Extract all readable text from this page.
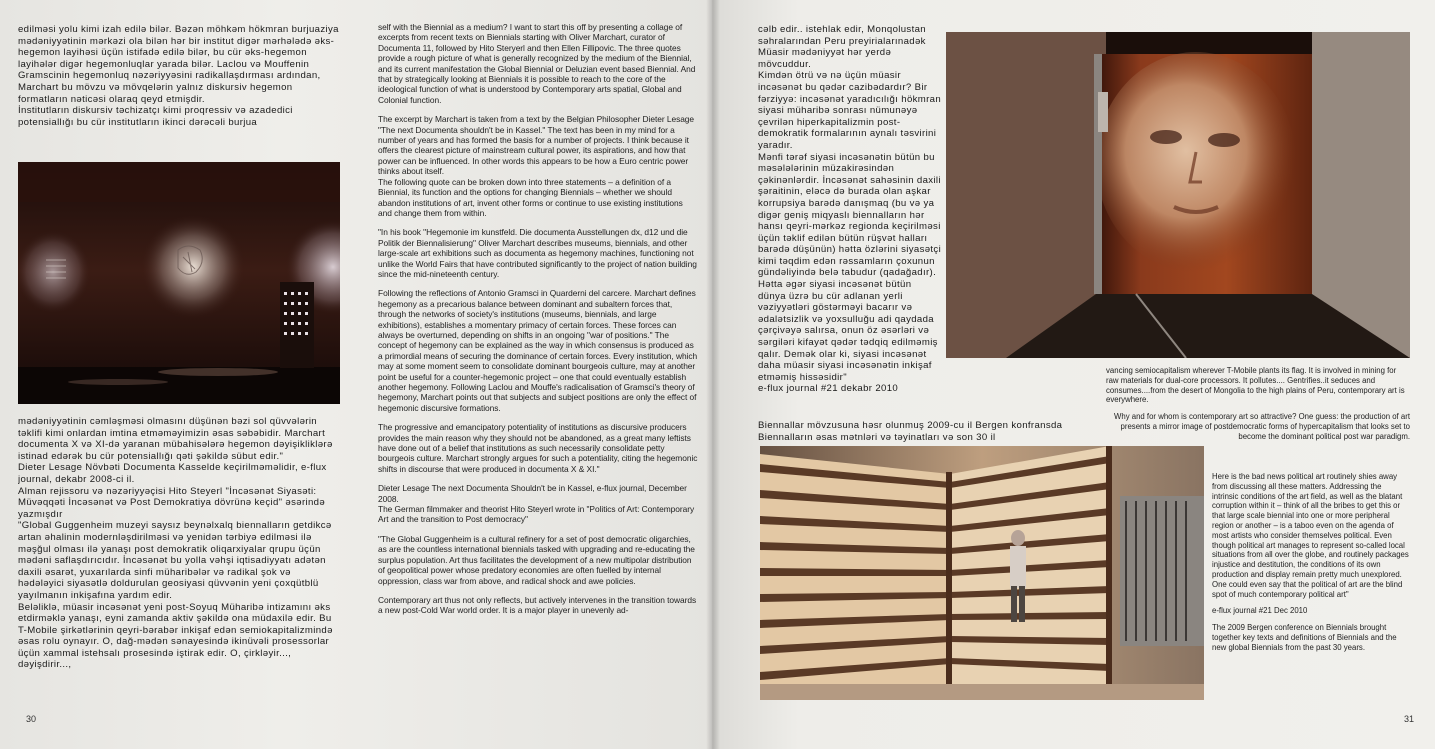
edilməsi yolu kimi izah edilə bilər. Bəzən möhkəm hökmran burjuaziya mədəniyyətinin mərkəzi ola bilən hər bir institut digər mərhələdə əks-hegemon layihəsi üçün istifadə edilə bilər, bu cür əks-hegemon layihələr digər hegemonluqlar yarada bilər. Laclou və Mouffenin Gramscinin hegemonluq nəzəriyyəsini radikallaşdırması ardından, Marchart bu mövzu və mövqelərin yalnız diskursiv hegemon formatların nəticəsi olaraq qeyd etmişdir.

İnstitutların diskursiv təchizatçı kimi proqressiv və azadedici potensiallığı bu cür institutların ikinci dərəcəli burjua

mədəniyyətinin cəmləşməsi olmasını düşünən bəzi sol qüvvələrin təklifi kimi onlardan imtina etməməyimizin əsas səbəbidir. Marchart documenta X və XI-də yaranan mübahisələrə hegemon dəyişikliklərə istinad edərək bu cür potensiallığı qəti şəkildə sübut edir."

Dieter Lesage Növbəti Documenta Kasselde keçirilməməlidir, e-flux journal, dekabr 2008-ci il.

Alman rejissoru və nəzəriyyəçisi Hito Steyerl "İncəsənət Siyasəti: Müvəqqəti İncəsənət və Post Demokratiya dövrünə keçid" əsərində yazmışdır

"Global Guggenheim muzeyi saysız beynəlxalq biennalların getdikcə artan əhalinin modernləşdirilməsi və yenidən tərbiyə edilməsi ilə məşğul olması ilə yanaşı post demokratik oliqarxiyalar qrupu üçün mədəni saflaşdırıcıdır. İncəsənət bu yolla vəhşi iqtisadiyyatı adətən daxili əsarət, yuxarılarda sinfi müharibələr və radikal şok və hədələyici siyasətlə doldurulan geosiyasi qüvvənin yeni çoxqütblü yayılmanın inkişafına yardım edir.

Beləliklə, müasir incəsənət yeni post-Soyuq Müharibə intizamını əks etdirməklə yanaşı, eyni zamanda aktiv şəkildə ona müdaxilə edir. Bu T-Mobile şirkətlərinin qeyri-bərabər inkişaf edən semiokapitalizmində əsas rolu oynayır. O, dağ-mədən sənayesində ikinüvəli prosessorlar üçün xammal istehsalı prosesində iştirak edir. O, çirkləyir..., dəyişdirir...,

self with the Biennial as a medium? I want to start this off by presenting a collage of excerpts from recent texts on Biennials starting with Oliver Marchart, curator of Documenta 11, followed by Hito Steryerl and then Ellen Fillipovic. The three quotes provide a rough picture of what is generally recognized by the medium of the Biennial, and its current manifestation the Global Biennial or Deluzian event based Biennial. And that by strategically looking at Biennials it is possible to reach to the core of the ideological function of what is understood by Contemporary arts spatial, Global and Colonial function.

The excerpt by Marchart is taken from a text by the Belgian Philosopher Dieter Lesage "The next Documenta shouldn't be in Kassel." The text has been in my mind for a number of years and has formed the basis for a number of projects. I think because it offers the clearest picture of mainstream cultural power, its aspirations, and how that power can be influenced. In other words this appears to be how a Euro centric power thinks about itself.

The following quote can be broken down into three statements – a definition of a Biennial, its function and the options for changing Biennials – whether we should abandon institutions of art, invent other forms or continue to use existing institutions and change them from within.

"In his book "Hegemonie im kunstfeld. Die documenta Ausstellungen dx, d12 und die Politik der Biennalisierung" Oliver Marchart describes museums, biennials, and other large-scale art exhibitions such as documenta as hegemony machines, functioning not unlike the World Fairs that have contributed significantly to the project of nation building since the mid-nineteenth century.

Following the reflections of Antonio Gramsci in Quarderni del carcere. Marchart defines hegemony as a precarious balance between dominant and subaltern forces that, through the networks of society's institutions (museums, biennials, and large exhibitions), establishes a momentary primacy of certain forces. These forces can always be overturned, depending on shifts in an ongoing "war of positions." The concept of hegemony can be explained as the way in which consensus is produced as a primordial means of securing the dominance of certain forces. Every institution, which may at some moment seem to consolidate dominant bourgeois culture, may at another point be useful for a counter-hegemonic project – one that could eventually establish another hegemony. Following Laclou and Mouffe's radicalisation of Gramsci's theory of hegemony, Marchart points out that subjects and subject positions are only the effect of hegemonic discursive formations.

The progressive and emancipatory potentiality of institutions as discursive producers provides the main reason why they should not be abandoned, as a great many leftists have done out of a belief that institutions as such necessarily consolidate petty bourgeois culture. Marchart strongly argues for such a potentiality, citing the hegemonic shifts in discourse that were produced in documenta X & XI."

Dieter Lesage The next Documenta Shouldn't be in Kassel, e-flux journal, December 2008.

The German filmmaker and theorist Hito Steyerl wrote in "Politics of Art: Contemporary Art and the transition to Post democracy"

"The Global Guggenheim is a cultural refinery for a set of post democratic oligarchies, as are the countless international biennials tasked with upgrading and re-educating the surplus population. Art thus facilitates the development of a new multipolar distribution of geopolitical power whose predatory economies are often fuelled by internal oppression, class war from above, and radical shock and awe policies.

Contemporary art thus not only reflects, but actively intervenes in the transition towards a new post-Cold War world order. It is a major player in unevenly ad-

30

cəlb edir.. istehlak edir, Monqolustan səhralarından Peru preyirialarınadək Müasir mədəniyyət hər yerdə mövcuddur.

Kimdən ötrü və nə üçün müasir incəsənət bu qədər cazibədardır? Bir fərziyyə: incəsənət yaradıcılığı hökmran siyasi müharibə sonrası nümunəyə çevrilən hiperkapitalizmin post-demokratik formalarının aynalı təsvirini yaradır.

Mənfi tərəf siyasi incəsənətin bütün bu məsələlərinin müzakirəsindən çəkinənlərdir. İncəsənət sahəsinin daxili şəraitinin, eləcə də burada olan aşkar korrupsiya barədə danışmaq (bu və ya digər geniş miqyaslı biennalların hər hansı qeyri-mərkəz regionda keçirilməsi üçün təklif edilən bütün rüşvət halları barədə düşünün) hətta özlərini siyasətçi kimi təqdim edən rəssamların çoxunun gündəliyində belə tabudur (qadağadır). Hətta əgər siyasi incəsənət bütün dünya üzrə bu cür adlanan yerli vəziyyətləri göstərməyi bacarır və ədalətsizlik və yoxsulluğu adi qaydada çərçivəyə salırsa, onun öz əsərləri və sərgiləri kifayət qədər tədqiq edilməmiş qalır. Demək olar ki, siyasi incəsənət daha müasir siyasi incəsənətin inkişaf etməmiş hissəsidir"

e-flux journal #21 dekabr 2010

Biennallar mövzusuna həsr olunmuş 2009-cu il Bergen konfransda Biennalların əsas mətnləri və təyinatları və son 30 il

vancing semiocapitalism wherever T-Mobile plants its flag. It is involved in mining for raw materials for dual-core processors. It pollutes.... Gentrifies..it seduces and consumes....from the desert of Mongolia to the high plains of Peru, contemporary art is everywhere.

Why and for whom is contemporary art so attractive? One guess: the production of art presents a mirror image of postdemocratic forms of hypercapitalism that looks set to become the dominant political post war paradigm.

Here is the bad news political art routinely shies away from discussing all these matters. Addressing the intrinsic conditions of the art field, as well as the blatant corruption within it – think of all the bribes to get this or that large scale biennial into one or more peripheral region or another – is a taboo even on the agenda of most artists who consider themselves political. Even though political art manages to represent so-called local situations from all over the globe, and routinely packages injustice and destitution, the conditions of its own production and display remain pretty much unexplored. One could even say that the political of art are the blind spot of much contemporary political art"

e-flux journal #21 Dec 2010

The 2009 Bergen conference on Biennials brought together key texts and definitions of Biennials and the new global Biennials from the past 30 years.

31
